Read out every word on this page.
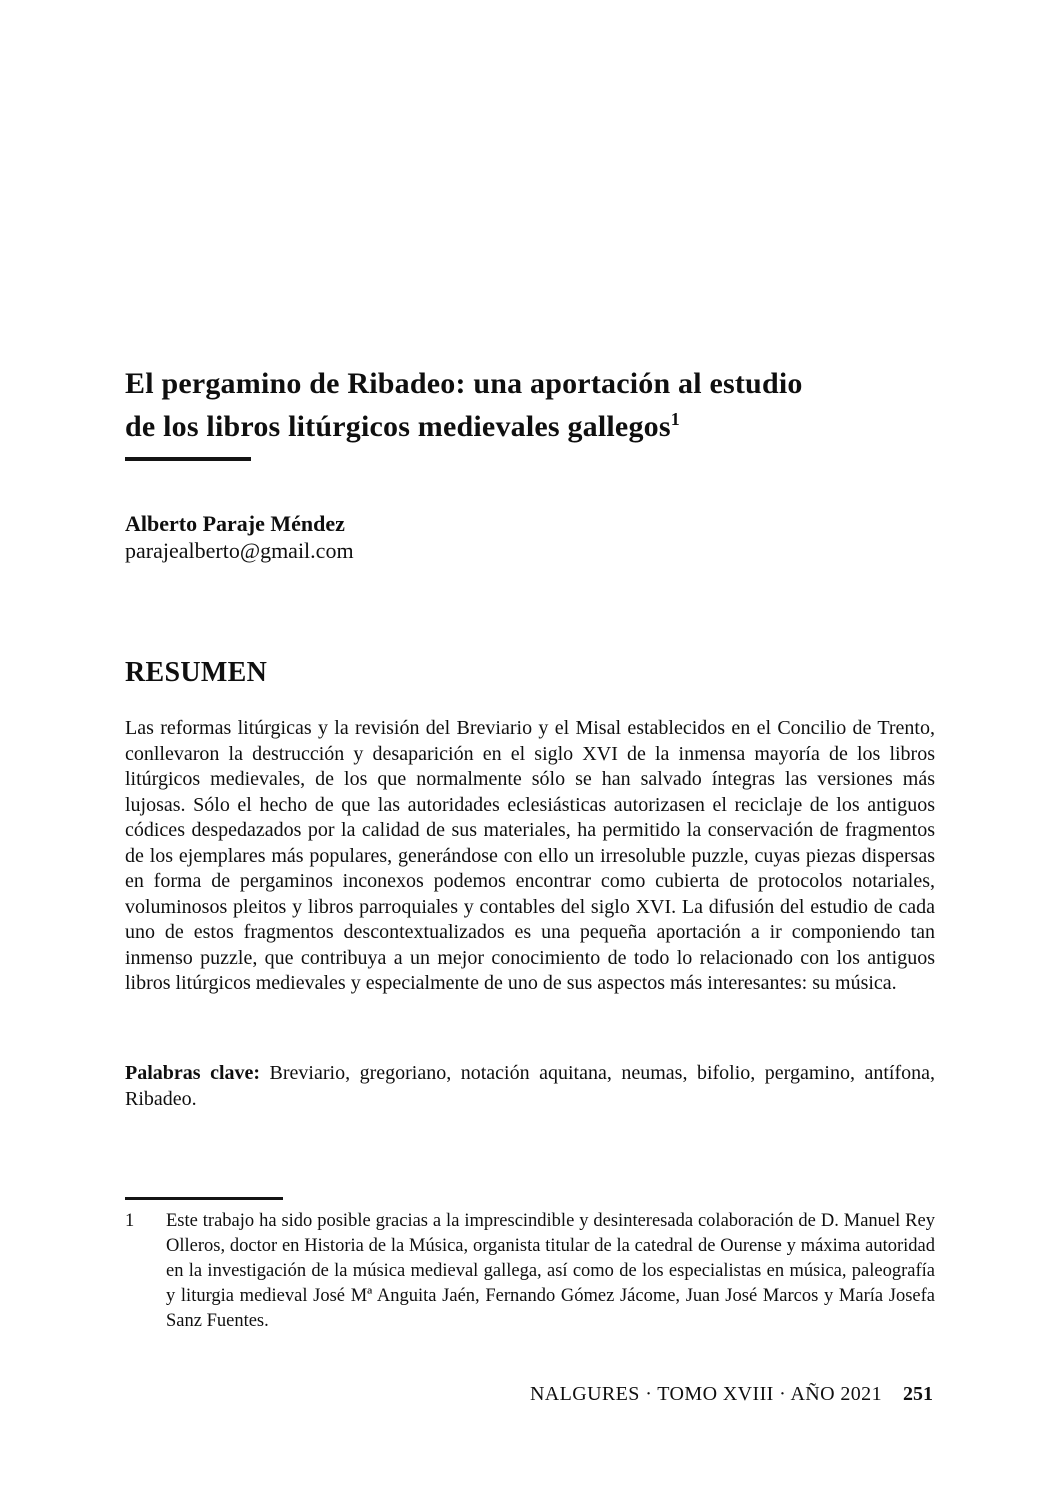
El pergamino de Ribadeo: una aportación al estudio
de los libros litúrgicos medievales gallegos$^1$
Alberto Paraje Méndez
parajealberto@gmail.com
RESUMEN

Las reformas litúrgicas y la revisión del Breviario y el Misal establecidos en el Concilio de Trento, conllevaron la destrucción y desaparición en el siglo XVI de la inmensa mayoría de los libros litúrgicos medievales, de los que normalmente sólo se han salvado íntegras las versiones más lujosas. Sólo el hecho de que las autoridades eclesiásticas autorizasen el reciclaje de los antiguos códices despedazados por la calidad de sus materiales, ha permitido la conservación de fragmentos de los ejemplares más populares, generándose con ello un irresoluble puzzle, cuyas piezas dispersas en forma de pergaminos inconexos podemos encontrar como cubierta de protocolos notariales, voluminosos pleitos y libros parroquiales y contables del siglo XVI. La difusión del estudio de cada uno de estos fragmentos descontextualizados es una pequeña aportación a ir componiendo tan inmenso puzzle, que contribuya a un mejor conocimiento de todo lo relacionado con los antiguos libros litúrgicos medievales y especialmente de uno de sus aspectos más interesantes: su música.

Palabras clave: Breviario, gregoriano, notación aquitana, neumas, bifolio, pergamino, antífona, Ribadeo.

1 Este trabajo ha sido posible gracias a la imprescindible y desinteresada colaboración de D. Manuel Rey Olleros, doctor en Historia de la Música, organista titular de la catedral de Ourense y máxima autoridad en la investigación de la música medieval gallega, así como de los especialistas en música, paleografía y liturgia medieval José Mª Anguita Jaén, Fernando Gómez Jácome, Juan José Marcos y María Josefa Sanz Fuentes.
NALGURES · TOMO XVIII · AÑO 2021 251
